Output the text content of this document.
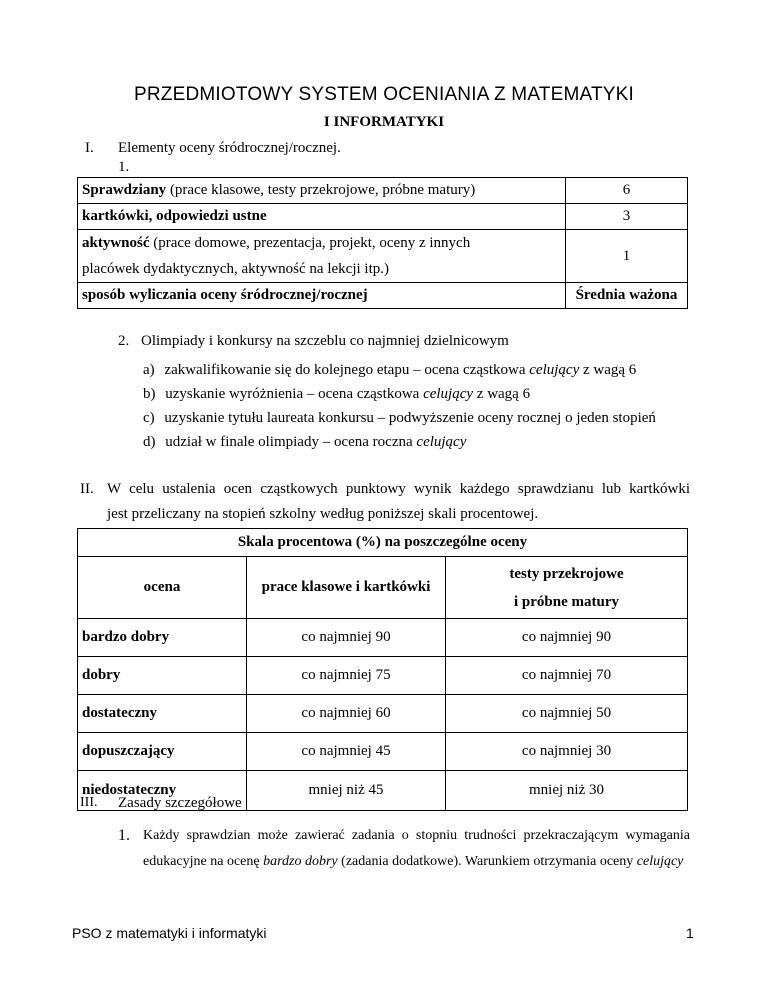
PRZEDMIOTOWY SYSTEM OCENIANIA Z MATEMATYKI
I INFORMATYKI
I. Elementy oceny śródrocznej/rocznej.
1.
Sprawdziany (prace klasowe, testy przekrojowe, próbne matury)	6
kartkówki, odpowiedzi ustne	3
aktywność (prace domowe, prezentacja, projekt, oceny z innych
placówek dydaktycznych, aktywność na lekcji itp.)	1
sposób wyliczania oceny śródrocznej/rocznej	Średnia ważona
2. Olimpiady i konkursy na szczeblu co najmniej dzielnicowym
a) zakwalifikowanie się do kolejnego etapu – ocena cząstkowa celujący z wagą 6
b) uzyskanie wyróżnienia – ocena cząstkowa celujący z wagą 6
c) uzyskanie tytułu laureata konkursu – podwyższenie oceny rocznej o jeden stopień
d) udział w finale olimpiady – ocena roczna celujący
II. W celu ustalenia ocen cząstkowych punktowy wynik każdego sprawdzianu lub kartkówki
jest przeliczany na stopień szkolny według poniższej skali procentowej.
Skala procentowa (%) na poszczególne oceny		
ocena	prace klasowe i kartkówki	testy przekrojowe
i próbne matury
bardzo dobry	co najmniej 90	co najmniej 90
dobry	co najmniej 75	co najmniej 70
dostateczny	co najmniej 60	co najmniej 50
dopuszczający	co najmniej 45	co najmniej 30
niedostateczny	mniej niż 45	mniej niż 30
III. Zasady szczegółowe
1. Każdy sprawdzian może zawierać zadania o stopniu trudności przekraczającym wymagania
edukacyjne na ocenę bardzo dobry (zadania dodatkowe). Warunkiem otrzymania oceny celujący
PSO z matematyki i informatyki	1
